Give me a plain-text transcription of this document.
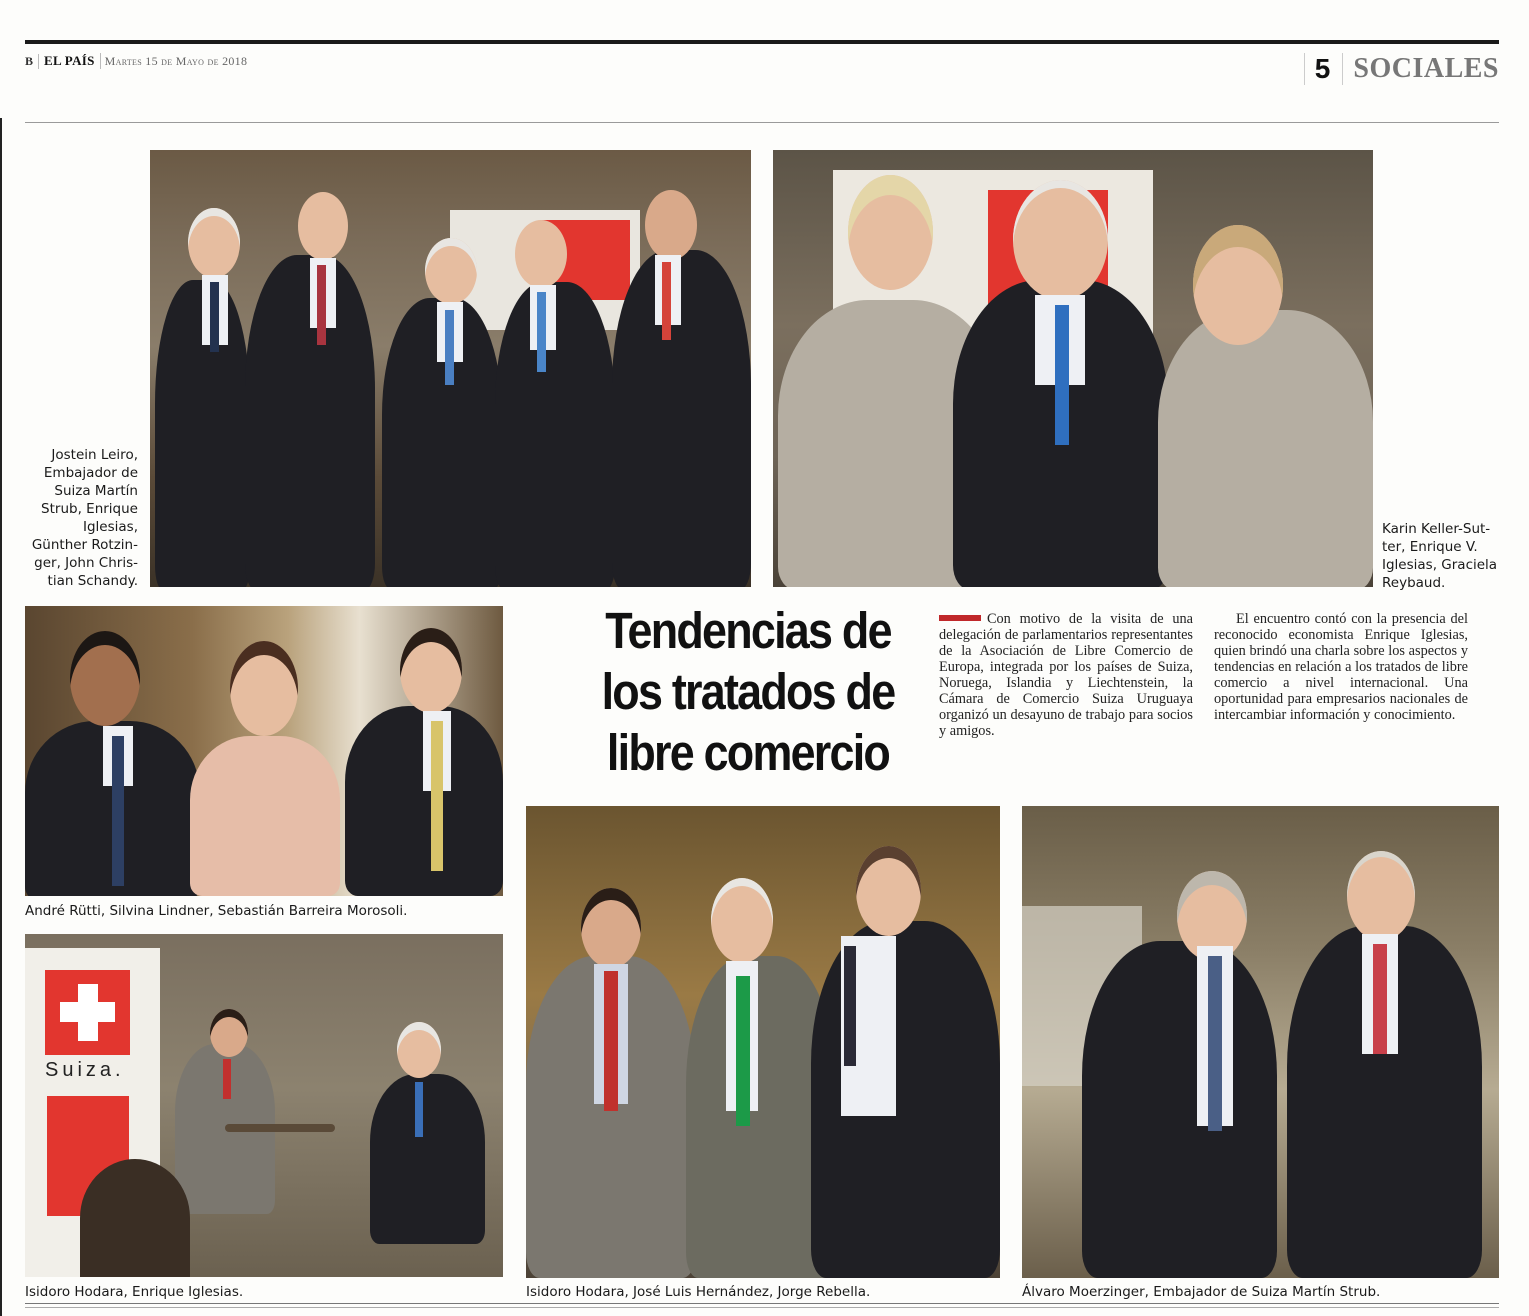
B EL PAÍS Martes 15 de Mayo de 2018	5 SOCIALES
Jostein Leiro,
Embajador de
Suiza Martín
Strub, Enrique
Iglesias,
Günther Rotzin-
ger, John Chris-
tian Schandy.
Karin Keller-Sut-
ter, Enrique V.
Iglesias, Graciela
Reybaud.
André Rütti, Silvina Lindner, Sebastián Barreira Morosoli.
Suiza.
Isidoro Hodara, Enrique Iglesias.
Tendencias de
los tratados de
libre comercio
Con motivo de la visita de una delegación de parlamentarios representantes de la Asociación de Libre Comercio de Europa, integrada por los países de Suiza, Noruega, Islandia y Liechtenstein, la Cámara de Comercio Suiza Uruguaya organizó un desayuno de trabajo para socios y amigos.
El encuentro contó con la presencia del reconocido economista Enrique Iglesias, quien brindó una charla sobre los aspectos y tendencias en relación a los tratados de libre comercio a nivel internacional. Una oportunidad para empresarios nacionales de intercambiar información y conocimiento.
Isidoro Hodara, José Luis Hernández, Jorge Rebella.	Álvaro Moerzinger, Embajador de Suiza Martín Strub.
